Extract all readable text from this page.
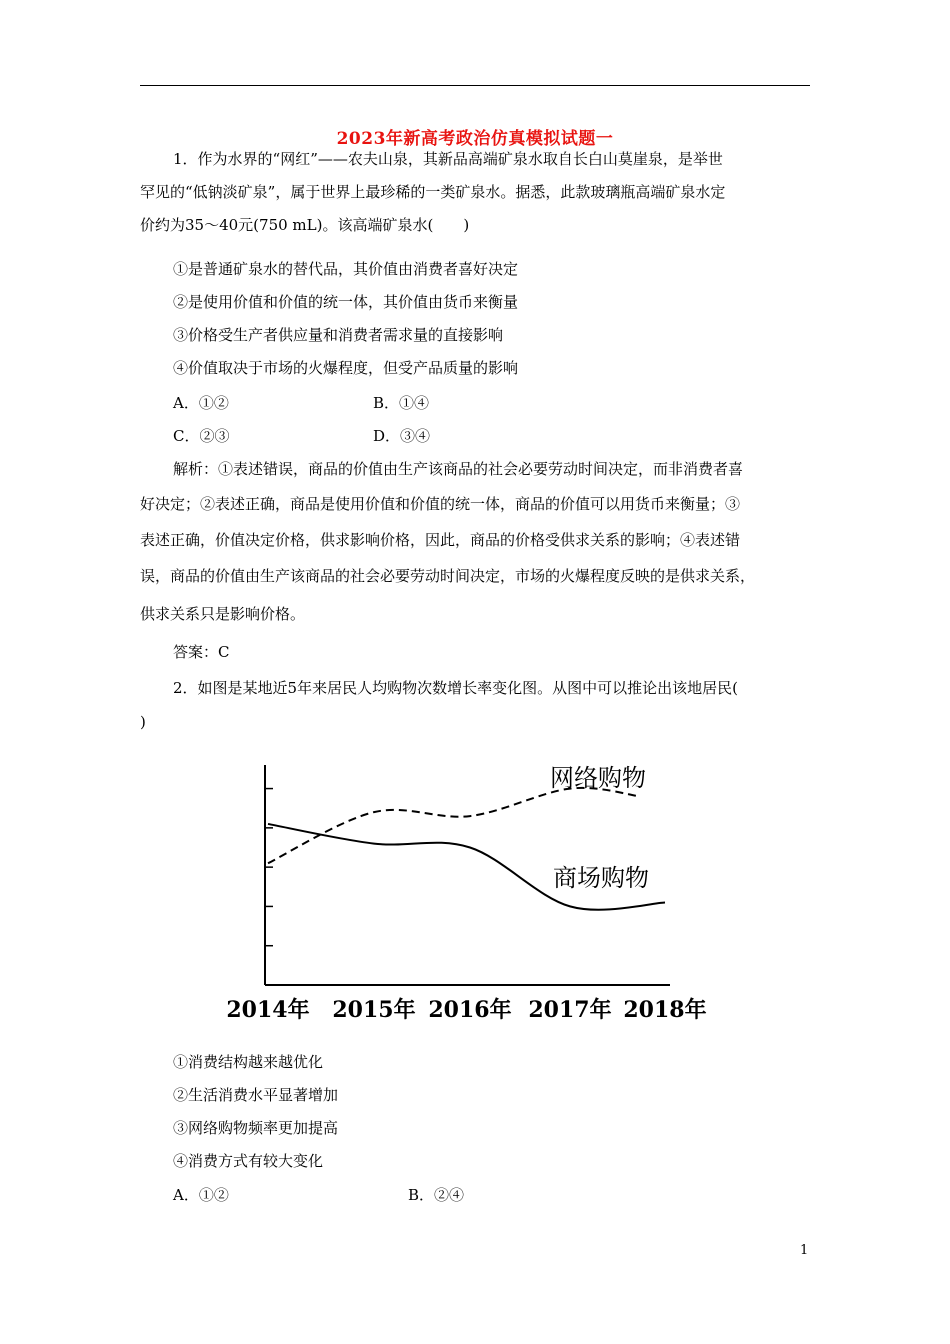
2023年新高考政治仿真模拟试题一
1．作为水界的“网红”——农夫山泉，其新品高端矿泉水取自长白山莫崖泉，是举世
罕见的“低钠淡矿泉”，属于世界上最珍稀的一类矿泉水。据悉，此款玻璃瓶高端矿泉水定
价约为35～40元(750 mL)。该高端矿泉水(　　)
①是普通矿泉水的替代品，其价值由消费者喜好决定
②是使用价值和价值的统一体，其价值由货币来衡量
③价格受生产者供应量和消费者需求量的直接影响
④价值取决于市场的火爆程度，但受产品质量的影响
A．①②	B．①④
C．②③	D．③④
解析：①表述错误，商品的价值由生产该商品的社会必要劳动时间决定，而非消费者喜
好决定；②表述正确，商品是使用价值和价值的统一体，商品的价值可以用货币来衡量；③
表述正确，价值决定价格，供求影响价格，因此，商品的价格受供求关系的影响；④表述错
误，商品的价值由生产该商品的社会必要劳动时间决定，市场的火爆程度反映的是供求关系，
供求关系只是影响价格。
答案：C
2．如图是某地近5年来居民人均购物次数增长率变化图。从图中可以推论出该地居民(
)
2014年 2015年 2016年 2017年 2018年
网络购物
商场购物
①消费结构越来越优化
②生活消费水平显著增加
③网络购物频率更加提高
④消费方式有较大变化
A．①②	B．②④
1
